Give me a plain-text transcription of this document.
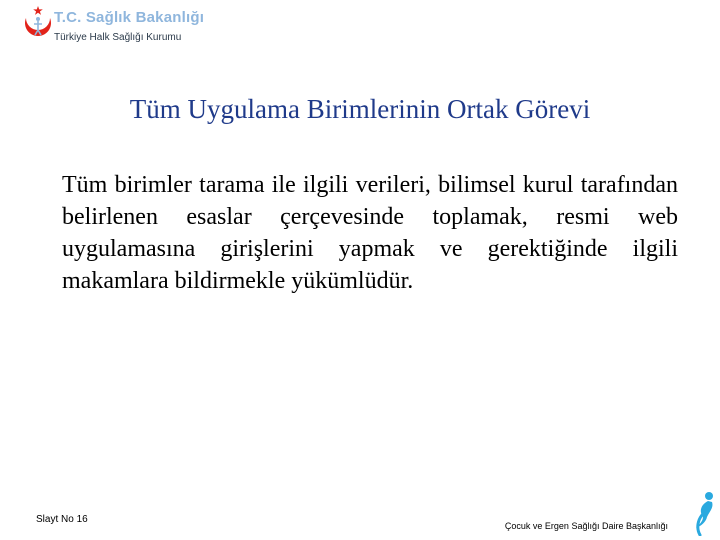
T.C. Sağlık Bakanlığı
Türkiye Halk Sağlığı Kurumu
Tüm Uygulama Birimlerinin Ortak Görevi
Tüm birimler tarama ile ilgili verileri, bilimsel kurul tarafından belirlenen esaslar çerçevesinde toplamak, resmi web uygulamasına girişlerini yapmak ve gerektiğinde ilgili makamlara bildirmekle yükümlüdür.
Slayt No 16
Çocuk ve Ergen Sağlığı Daire Başkanlığı
